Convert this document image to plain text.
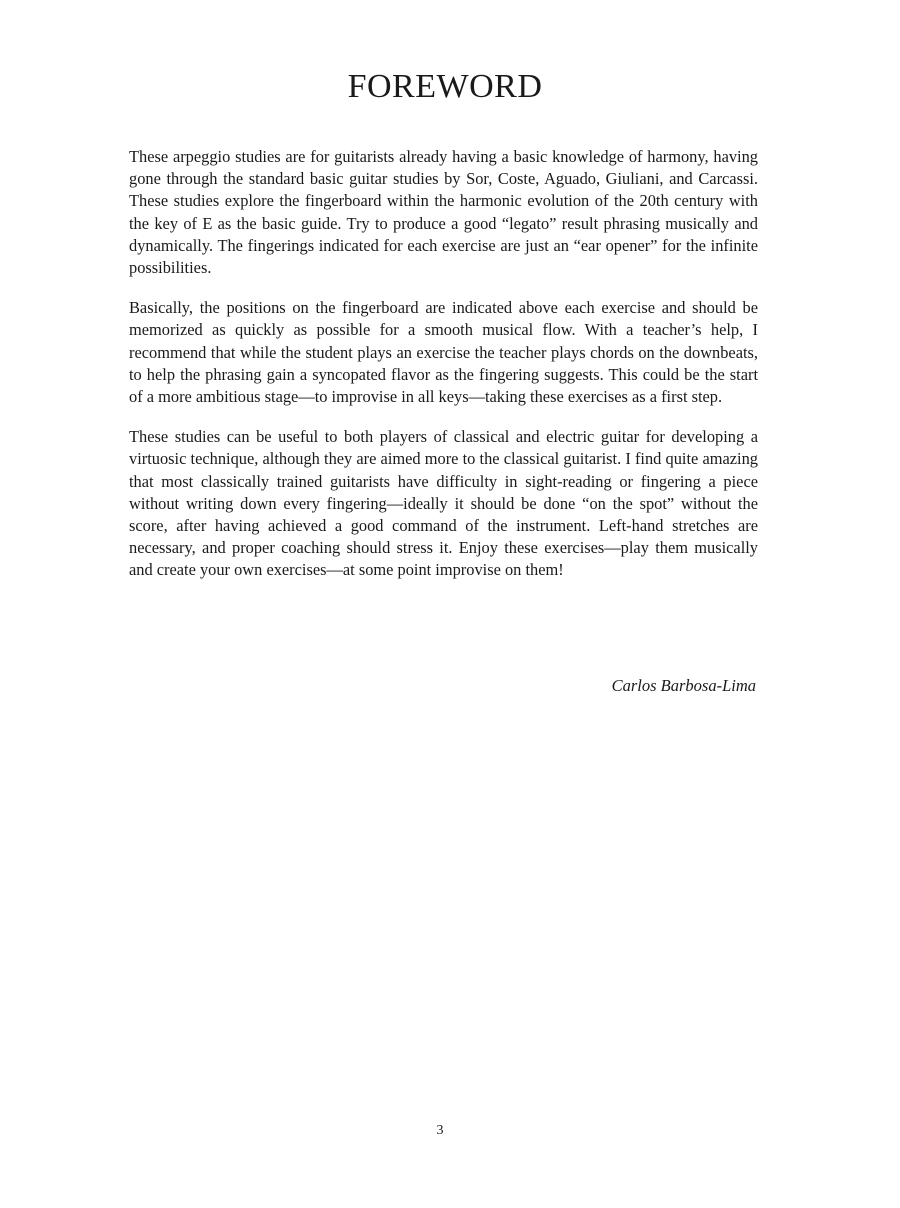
FOREWORD

These arpeggio studies are for guitarists already having a basic knowledge of harmony, having gone through the standard basic guitar studies by Sor, Coste, Aguado, Giuliani, and Carcassi. These studies explore the fingerboard within the harmonic evolution of the 20th century with the key of E as the basic guide. Try to produce a good “legato” result phrasing musically and dynamically. The fingerings indicated for each exercise are just an “ear opener” for the infinite possibilities.

Basically, the positions on the fingerboard are indicated above each exercise and should be memorized as quickly as possible for a smooth musical flow. With a teacher’s help, I recommend that while the student plays an exercise the teacher plays chords on the downbeats, to help the phrasing gain a syncopated flavor as the fingering suggests. This could be the start of a more ambitious stage—to improvise in all keys—taking these exercises as a first step.

These studies can be useful to both players of classical and electric guitar for developing a virtuosic technique, although they are aimed more to the classical guitarist. I find quite amazing that most classically trained guitarists have difficulty in sight-reading or fingering a piece without writing down every fingering—ideally it should be done “on the spot” without the score, after having achieved a good command of the instrument. Left-hand stretches are necessary, and proper coaching should stress it. Enjoy these exercises—play them musically and create your own exercises—at some point improvise on them!

Carlos Barbosa-Lima

3
